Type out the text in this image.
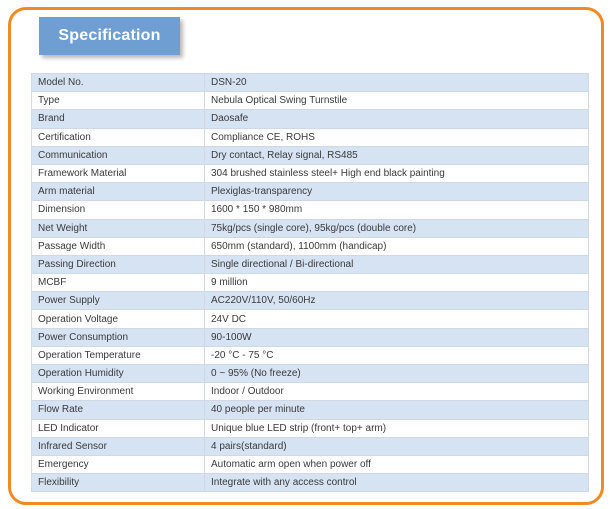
Specification
Model No.	DSN-20
Type	Nebula Optical Swing Turnstile
Brand	Daosafe
Certification	Compliance CE, ROHS
Communication	Dry contact, Relay signal, RS485
Framework Material	304 brushed stainless steel+ High end black painting
Arm material	Plexiglas-transparency
Dimension	1600 * 150 * 980mm
Net Weight	75kg/pcs (single core), 95kg/pcs (double core)
Passage Width	650mm (standard), 1100mm (handicap)
Passing Direction	Single directional / Bi-directional
MCBF	9 million
Power Supply	AC220V/110V, 50/60Hz
Operation Voltage	24V DC
Power Consumption	90-100W
Operation Temperature	-20 °C - 75 °C
Operation Humidity	0 ~ 95% (No freeze)
Working Environment	Indoor / Outdoor
Flow Rate	40 people per minute
LED Indicator	Unique blue LED strip (front+ top+ arm)
Infrared Sensor	4 pairs(standard)
Emergency	Automatic arm open when power off
Flexibility	Integrate with any access control
